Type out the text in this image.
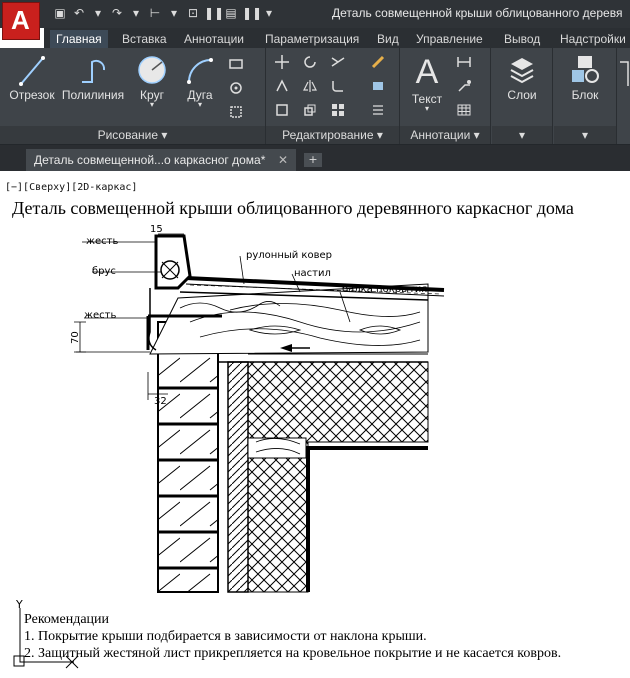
▣ ↶ ▾ ↷ ▾ ⊢ ▾ ⊡ ❚❚ ▤ ❚❚ ▾	Деталь совмещенной крыши облицованного деревя
A
Главная	Вставка	Аннотации	Параметризация	Вид	Управление	Вывод	Надстройки
Отрезок Полилиния	Круг
▾
Дуга
▾
Рисование ▾	Редактирование ▾
A
Текст
▾
Аннотации ▾
Слои
▾
Блок
▾
Деталь совмещенной...о каркасног дома* ✕	+
[−][Сверху][2D-каркас]
Деталь совмещенной крыши облицованного деревянного каркасног дома
жесть
брус
жесть
рулонный ковер
настил
балка покрытия
15
70
32
Y
Рекомендации
1. Покрытие крыши подбирается в зависимости от наклона крыши.
2. Защитный жестяной лист прикрепляется на кровельное покрытие и не касается ковров.
